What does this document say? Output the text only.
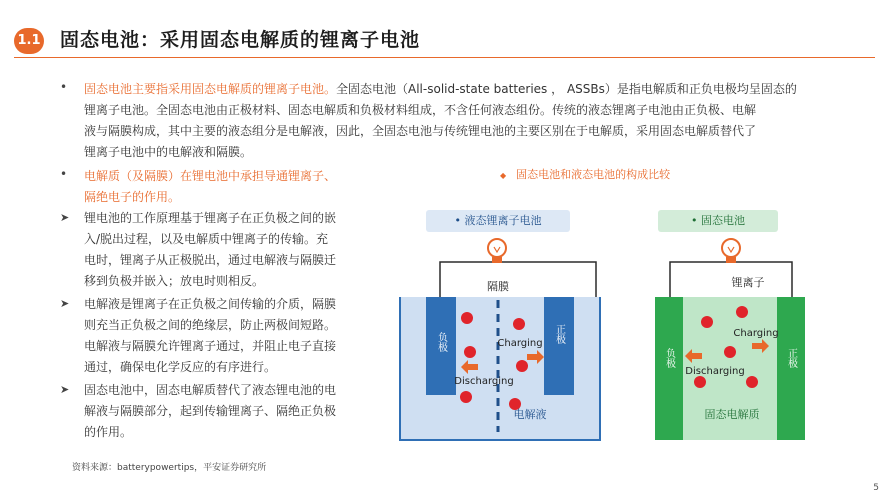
1.1 固态电池：采用固态电解质的锂离子电池
• 固态电池主要指采用固态电解质的锂离子电池。全固态电池（All-solid-state batteries ， ASSBs）是指电解质和正负电极均呈固态的
锂离子电池。全固态电池由正极材料、固态电解质和负极材料组成，不含任何液态组份。传统的液态锂离子电池由正负极、电解
液与隔膜构成，其中主要的液态组分是电解液，因此，全固态电池与传统锂电池的主要区别在于电解质，采用固态电解质替代了
锂离子电池中的电解液和隔膜。
• 电解质（及隔膜）在锂电池中承担导通锂离子、
隔绝电子的作用。
➤ 锂电池的工作原理基于锂离子在正负极之间的嵌
入/脱出过程，以及电解质中锂离子的传输。充
电时，锂离子从正极脱出，通过电解液与隔膜迁
移到负极并嵌入；放电时则相反。
➤ 电解液是锂离子在正负极之间传输的介质，隔膜
则充当正负极之间的绝缘层，防止两极间短路。
电解液与隔膜允许锂离子通过，并阻止电子直接
通过，确保电化学反应的有序进行。
➤ 固态电池中，固态电解质替代了液态锂电池的电
解液与隔膜部分，起到传输锂离子、隔绝正负极
的作用。
◆ 固态电池和液态电池的构成比较
• 液态锂离子电池	• 固态电池
负极	正极
隔膜
Charging
Discharging
电解液
负极	正极
锂离子
Charging
Discharging
固态电解质
资料来源：batterypowertips，平安证券研究所
5
